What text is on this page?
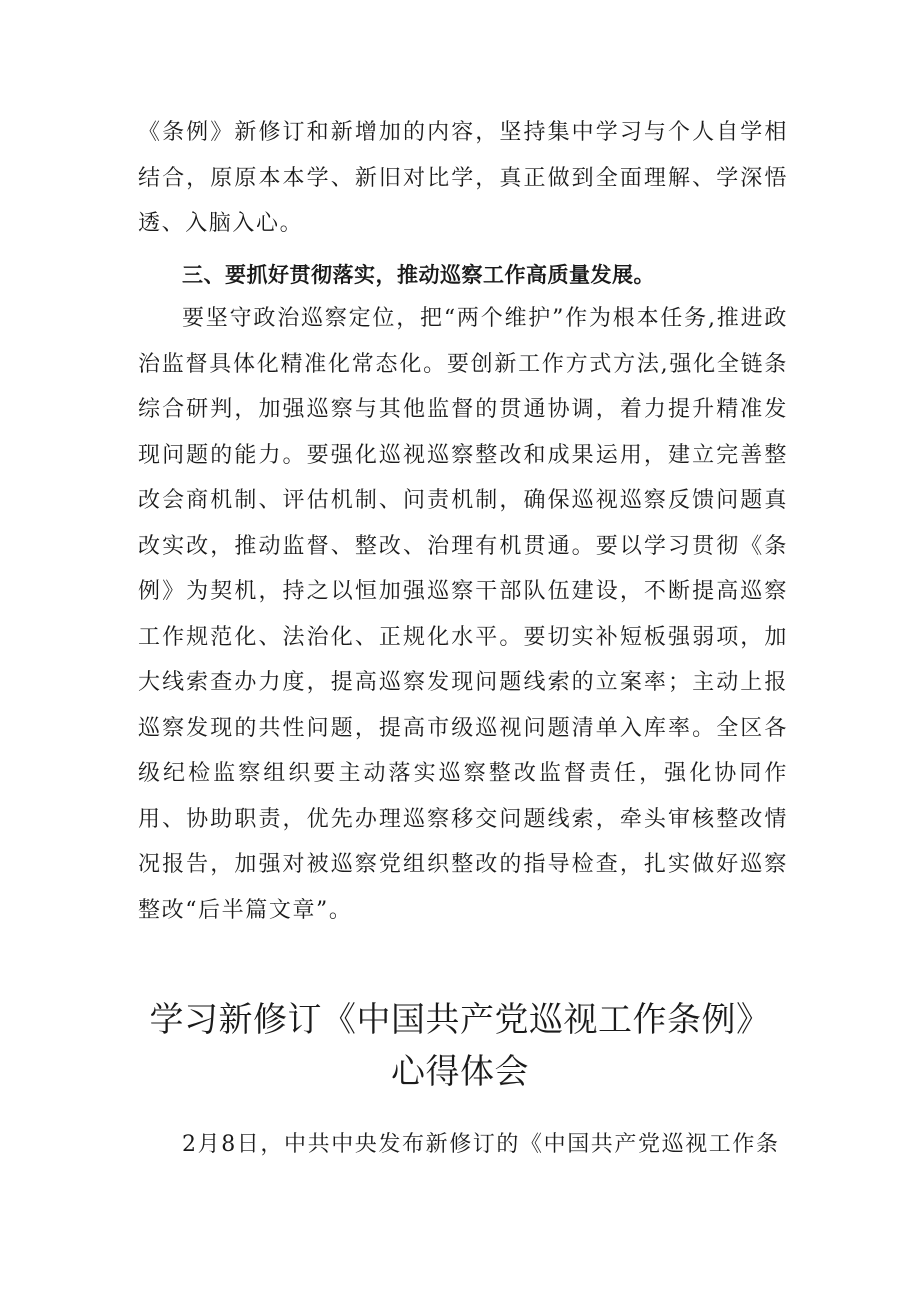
《条例》新修订和新增加的内容，坚持集中学习与个人自学相结合，原原本本学、新旧对比学，真正做到全面理解、学深悟透、入脑入心。

三、要抓好贯彻落实，推动巡察工作高质量发展。

要坚守政治巡察定位，把“两个维护”作为根本任务,推进政治监督具体化精准化常态化。要创新工作方式方法,强化全链条综合研判，加强巡察与其他监督的贯通协调，着力提升精准发现问题的能力。要强化巡视巡察整改和成果运用，建立完善整改会商机制、评估机制、问责机制，确保巡视巡察反馈问题真改实改，推动监督、整改、治理有机贯通。要以学习贯彻《条例》为契机，持之以恒加强巡察干部队伍建设，不断提高巡察工作规范化、法治化、正规化水平。要切实补短板强弱项，加大线索查办力度，提高巡察发现问题线索的立案率；主动上报巡察发现的共性问题，提高市级巡视问题清单入库率。全区各级纪检监察组织要主动落实巡察整改监督责任，强化协同作用、协助职责，优先办理巡察移交问题线索，牵头审核整改情况报告，加强对被巡察党组织整改的指导检查，扎实做好巡察整改“后半篇文章”。

学习新修订《中国共产党巡视工作条例》
心得体会

2月8日，中共中央发布新修订的《中国共产党巡视工作条
